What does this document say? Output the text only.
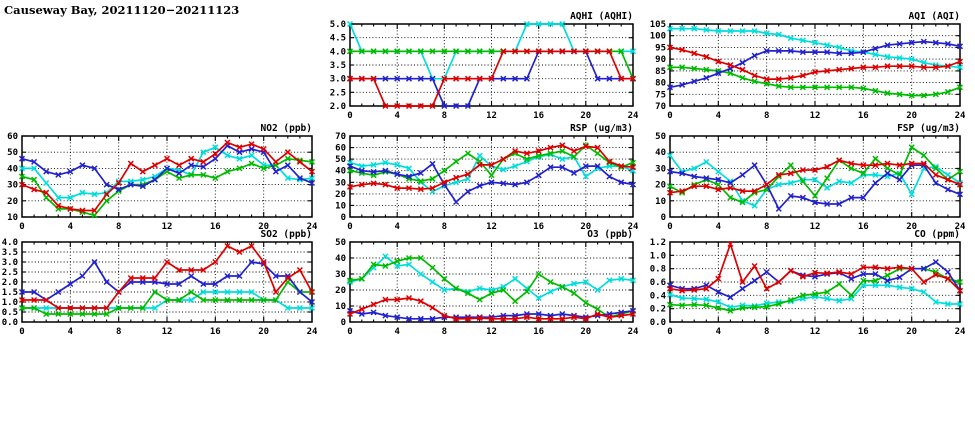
Causeway Bay, 20211120−20211123
2.0
2.5
3.0
3.5
4.0
4.5
5.0
0	4	8	12	16	20	24
AQHI (AQHI)
70
75
80
85
90
95
100
105
0	4	8	12	16	20	24
AQI (AQI)
10
20
30
40
50
60
0	4	8	12	16	20	24
NO2 (ppb)
0
10
20
30
40
50
60
70
0	4	8	12	16	20	24
RSP (ug/m3)
0
10
20
30
40
50
0	4	8	12	16	20	24
FSP (ug/m3)
0.0
0.5
1.0
1.5
2.0
2.5
3.0
3.5
4.0
0	4	8	12	16	20	24
SO2 (ppb)
0
10
20
30
40
50
0	4	8	12	16	20	24
O3 (ppb)
0.0
0.2
0.4
0.6
0.8
1.0
1.2
0	4	8	12	16	20	24
CO (ppm)
